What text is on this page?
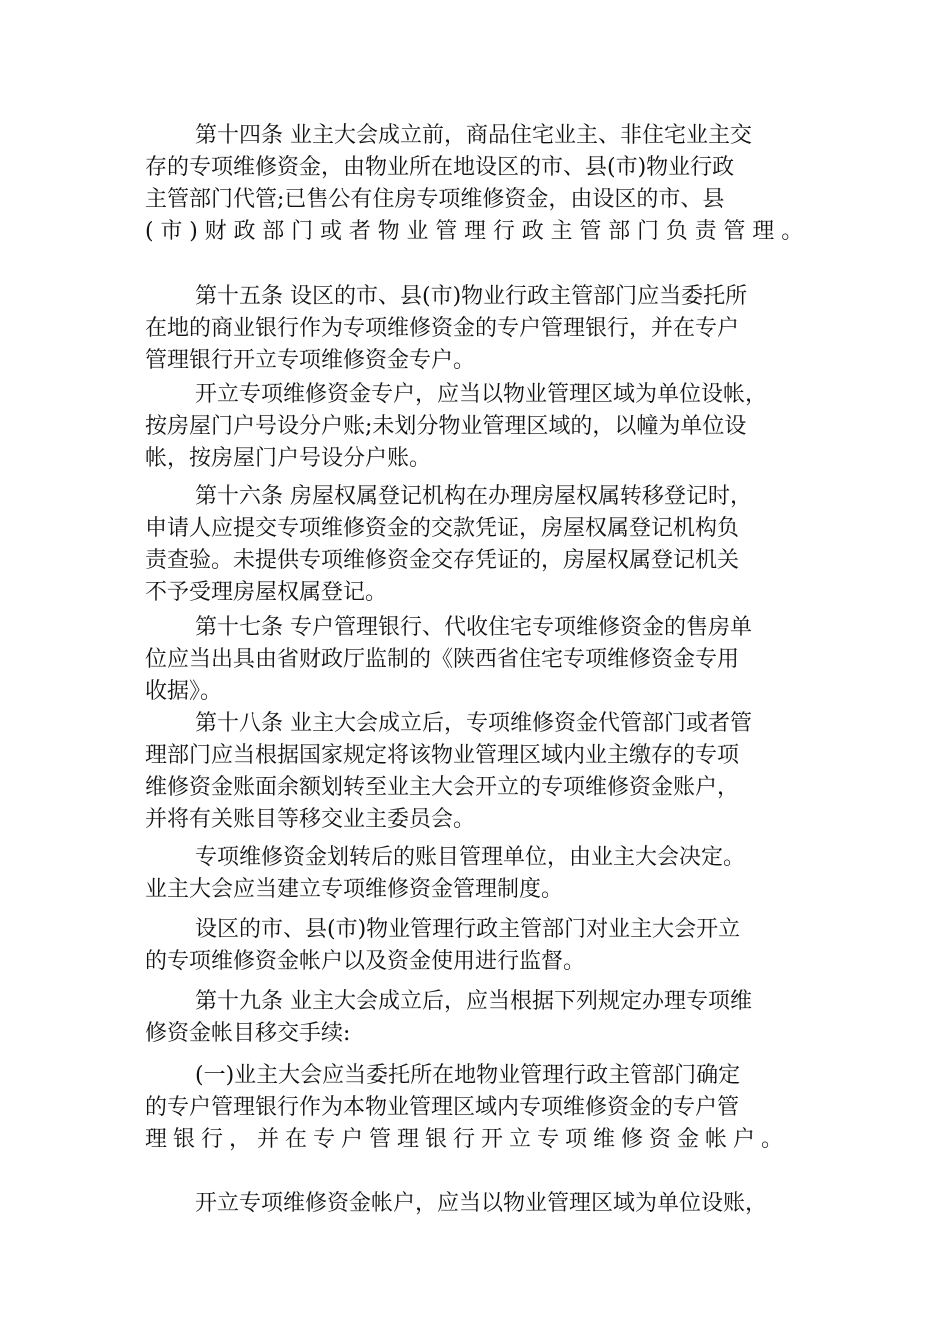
第十四条 业主大会成立前，商品住宅业主、非住宅业主交
存的专项维修资金，由物业所在地设区的市、县(市)物业行政
主管部门代管;已售公有住房专项维修资金，由设区的市、县
(市)财政部门或者物业管理行政主管部门负责管理。
第十五条 设区的市、县(市)物业行政主管部门应当委托所
在地的商业银行作为专项维修资金的专户管理银行，并在专户
管理银行开立专项维修资金专户。
开立专项维修资金专户，应当以物业管理区域为单位设帐，
按房屋门户号设分户账;未划分物业管理区域的，以幢为单位设
帐，按房屋门户号设分户账。
第十六条 房屋权属登记机构在办理房屋权属转移登记时，
申请人应提交专项维修资金的交款凭证，房屋权属登记机构负
责查验。未提供专项维修资金交存凭证的，房屋权属登记机关
不予受理房屋权属登记。
第十七条 专户管理银行、代收住宅专项维修资金的售房单
位应当出具由省财政厅监制的《陕西省住宅专项维修资金专用
收据》。
第十八条 业主大会成立后，专项维修资金代管部门或者管
理部门应当根据国家规定将该物业管理区域内业主缴存的专项
维修资金账面余额划转至业主大会开立的专项维修资金账户，
并将有关账目等移交业主委员会。
专项维修资金划转后的账目管理单位，由业主大会决定。
业主大会应当建立专项维修资金管理制度。
设区的市、县(市)物业管理行政主管部门对业主大会开立
的专项维修资金帐户以及资金使用进行监督。
第十九条 业主大会成立后，应当根据下列规定办理专项维
修资金帐目移交手续:
(一)业主大会应当委托所在地物业管理行政主管部门确定
的专户管理银行作为本物业管理区域内专项维修资金的专户管
理银行，并在专户管理银行开立专项维修资金帐户。
开立专项维修资金帐户，应当以物业管理区域为单位设账，
